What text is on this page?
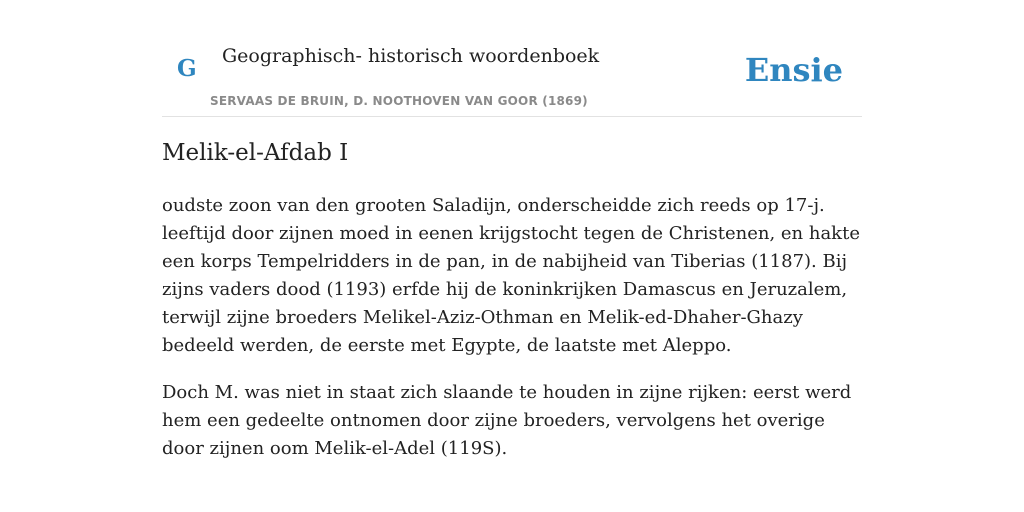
G Geographisch- historisch woordenboek
SERVAAS DE BRUIN, D. NOOTHOVEN VAN GOOR (1869)
Ensie
Melik-el-Afdab I

oudste zoon van den grooten Saladijn, onderscheidde zich reeds op 17-j. leeftijd door zijnen moed in eenen krijgstocht tegen de Christenen, en hakte een korps Tempelridders in de pan, in de nabijheid van Tiberias (1187). Bij zijns vaders dood (1193) erfde hij de koninkrijken Damascus en Jeruzalem, terwijl zijne broeders Melikel-Aziz-Othman en Melik-ed-Dhaher-Ghazy bedeeld werden, de eerste met Egypte, de laatste met Aleppo.

Doch M. was niet in staat zich slaande te houden in zijne rijken: eerst werd hem een gedeelte ontnomen door zijne broeders, vervolgens het overige door zijnen oom Melik-el-Adel (119S).
